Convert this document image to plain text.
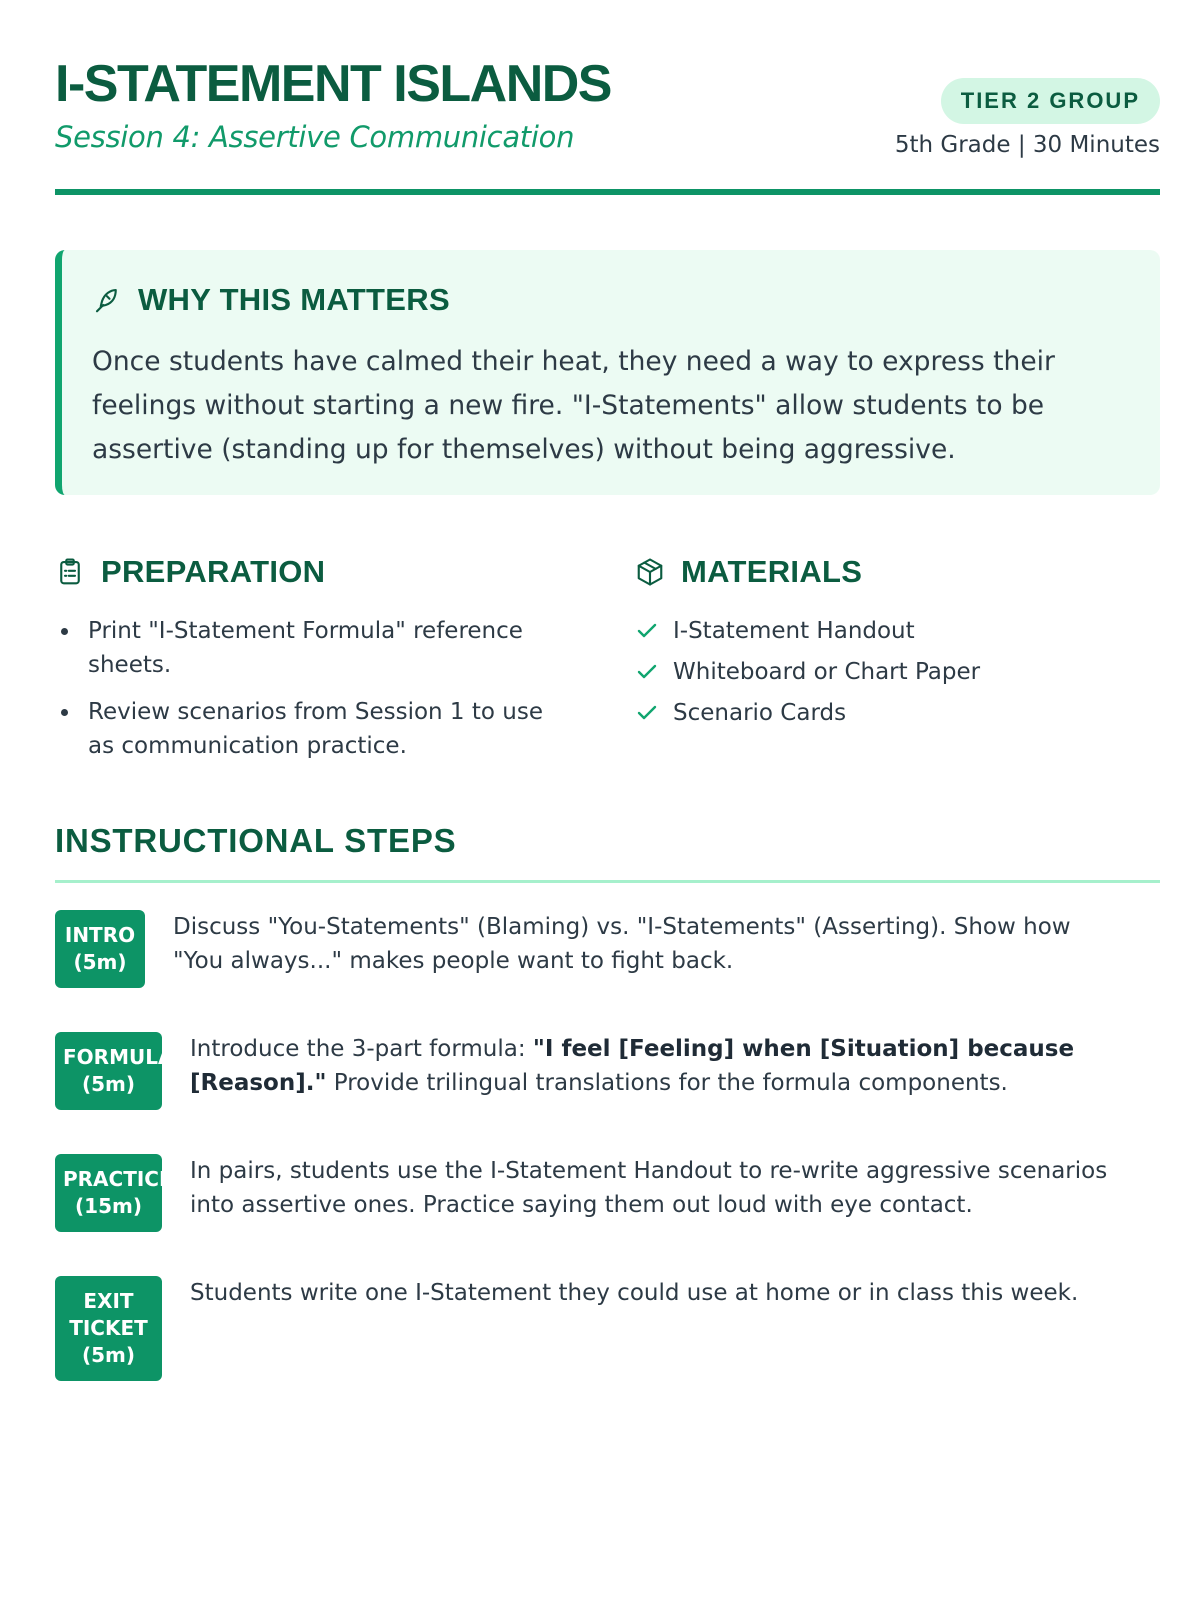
I-STATEMENT ISLANDS
Session 4: Assertive Communication
TIER 2 GROUP
5th Grade | 30 Minutes
WHY THIS MATTERS

Once students have calmed their heat, they need a way to express their feelings without starting a new fire. "I-Statements" allow students to be assertive (standing up for themselves) without being aggressive.

PREPARATION
Print "I-Statement Formula" reference sheets.
Review scenarios from Session 1 to use as communication practice.
MATERIALS
I-Statement Handout
Whiteboard or Chart Paper
Scenario Cards
INSTRUCTIONAL STEPS
INTRO
(5m)

Discuss "You-Statements" (Blaming) vs. "I-Statements" (Asserting). Show how "You always..." makes people want to fight back.

FORMULA
(5m)

Introduce the 3-part formula: "I feel [Feeling] when [Situation] because [Reason]." Provide trilingual translations for the formula components.

PRACTICE
(15m)

In pairs, students use the I-Statement Handout to re-write aggressive scenarios into assertive ones. Practice saying them out loud with eye contact.

EXIT
TICKET
(5m)

Students write one I-Statement they could use at home or in class this week.
